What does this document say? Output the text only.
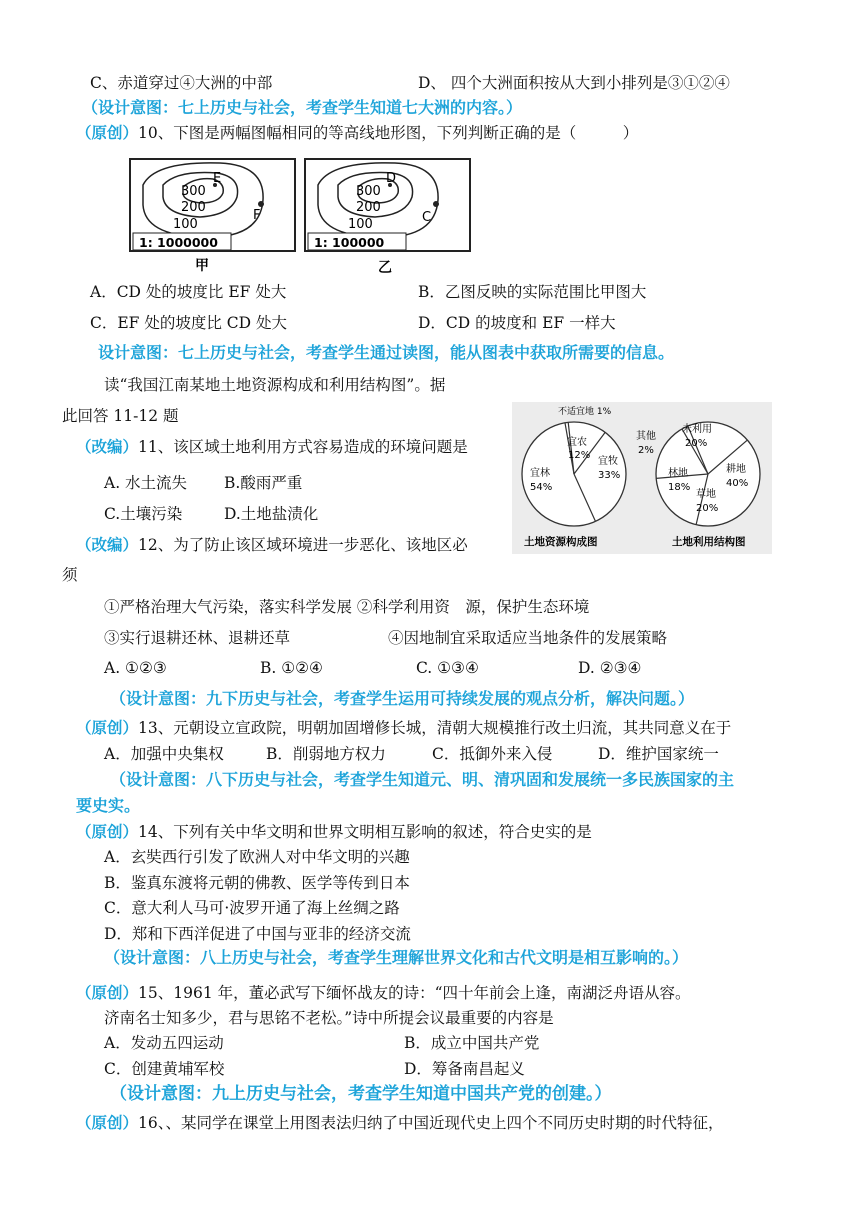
C、赤道穿过④大洲的中部	D、 四个大洲面积按从大到小排列是③①②④
（设计意图：七上历史与社会，考查学生知道七大洲的内容。）
（原创）10、下图是两幅图幅相同的等高线地形图，下列判断正确的是（　　　）
300
200
100
E
F
1: 1000000
甲
300
200
100
D
C
1: 100000
乙
A．CD 处的坡度比 EF 处大	B．乙图反映的实际范围比甲图大
C．EF 处的坡度比 CD 处大	D．CD 的坡度和 EF 一样大
设计意图：七上历史与社会，考查学生通过读图，能从图表中获取所需要的信息。
读“我国江南某地土地资源构成和利用结构图”。据
此回答 11-12 题	不适宜地 1%
宜农
12%
宜牧
33%
宜林
54%
土地资源构成图
其他
2%
未利用
20%
耕地
40%
林地
18%
草地
20%
土地利用结构图
（改编）11、该区域土地利用方式容易造成的环境问题是
A. 水土流失 B.酸雨严重
C.土壤污染	D.土地盐渍化
（改编）12、为了防止该区域环境进一步恶化、该地区必
须
①严格治理大气污染，落实科学发展 ②科学利用资　源，保护生态环境
③实行退耕还林、退耕还草	④因地制宜采取适应当地条件的发展策略
A. ①②③	B. ①②④	C. ①③④	D. ②③④
（设计意图：九下历史与社会，考查学生运用可持续发展的观点分析，解决问题。）
（原创）13、元朝设立宣政院，明朝加固增修长城，清朝大规模推行改土归流，其共同意义在于
A．加强中央集权	B．削弱地方权力	C．抵御外来入侵	D．维护国家统一
（设计意图：八下历史与社会，考查学生知道元、明、清巩固和发展统一多民族国家的主
要史实。
（原创）14、下列有关中华文明和世界文明相互影响的叙述，符合史实的是
A．玄奘西行引发了欧洲人对中华文明的兴趣
B．鉴真东渡将元朝的佛教、医学等传到日本
C．意大利人马可·波罗开通了海上丝绸之路
D．郑和下西洋促进了中国与亚非的经济交流
（设计意图：八上历史与社会，考查学生理解世界文化和古代文明是相互影响的。）
（原创）15、1961 年，董必武写下缅怀战友的诗：“四十年前会上逢，南湖泛舟语从容。
济南名士知多少，君与思铭不老松。”诗中所提会议最重要的内容是
A．发动五四运动	B．成立中国共产党
C．创建黄埔军校	D．筹备南昌起义
（设计意图：九上历史与社会，考查学生知道中国共产党的创建。）
（原创）16、、某同学在课堂上用图表法归纳了中国近现代史上四个不同历史时期的时代特征，
